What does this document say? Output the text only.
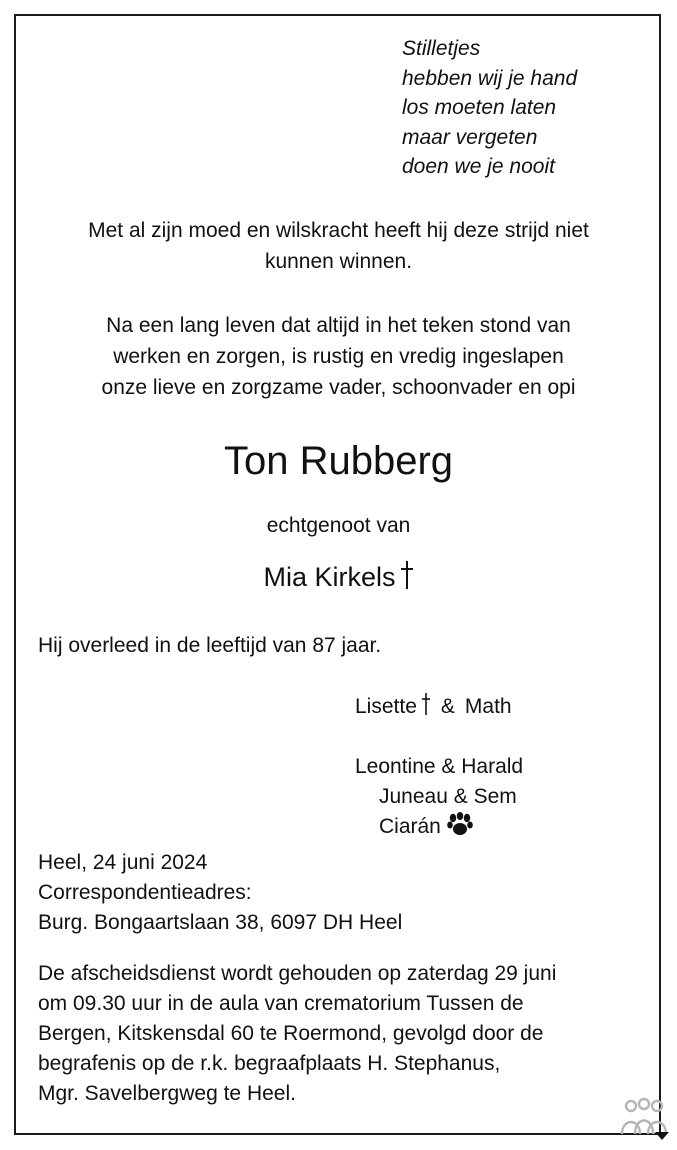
Stilletjes
hebben wij je hand
los moeten laten
maar vergeten
doen we je nooit
Met al zijn moed en wilskracht heeft hij deze strijd niet
kunnen winnen.
Na een lang leven dat altijd in het teken stond van
werken en zorgen, is rustig en vredig ingeslapen
onze lieve en zorgzame vader, schoonvader en opi
Ton Rubberg
echtgenoot van
Mia Kirkels
Hij overleed in de leeftijd van 87 jaar.
Lisette & Math
Leontine & Harald
Juneau & Sem
Ciarán
Heel, 24 juni 2024
Correspondentieadres:
Burg. Bongaartslaan 38, 6097 DH Heel
De afscheidsdienst wordt gehouden op zaterdag 29 juni
om 09.30 uur in de aula van crematorium Tussen de
Bergen, Kitskensdal 60 te Roermond, gevolgd door de
begrafenis op de r.k. begraafplaats H. Stephanus,
Mgr. Savelbergweg te Heel.
